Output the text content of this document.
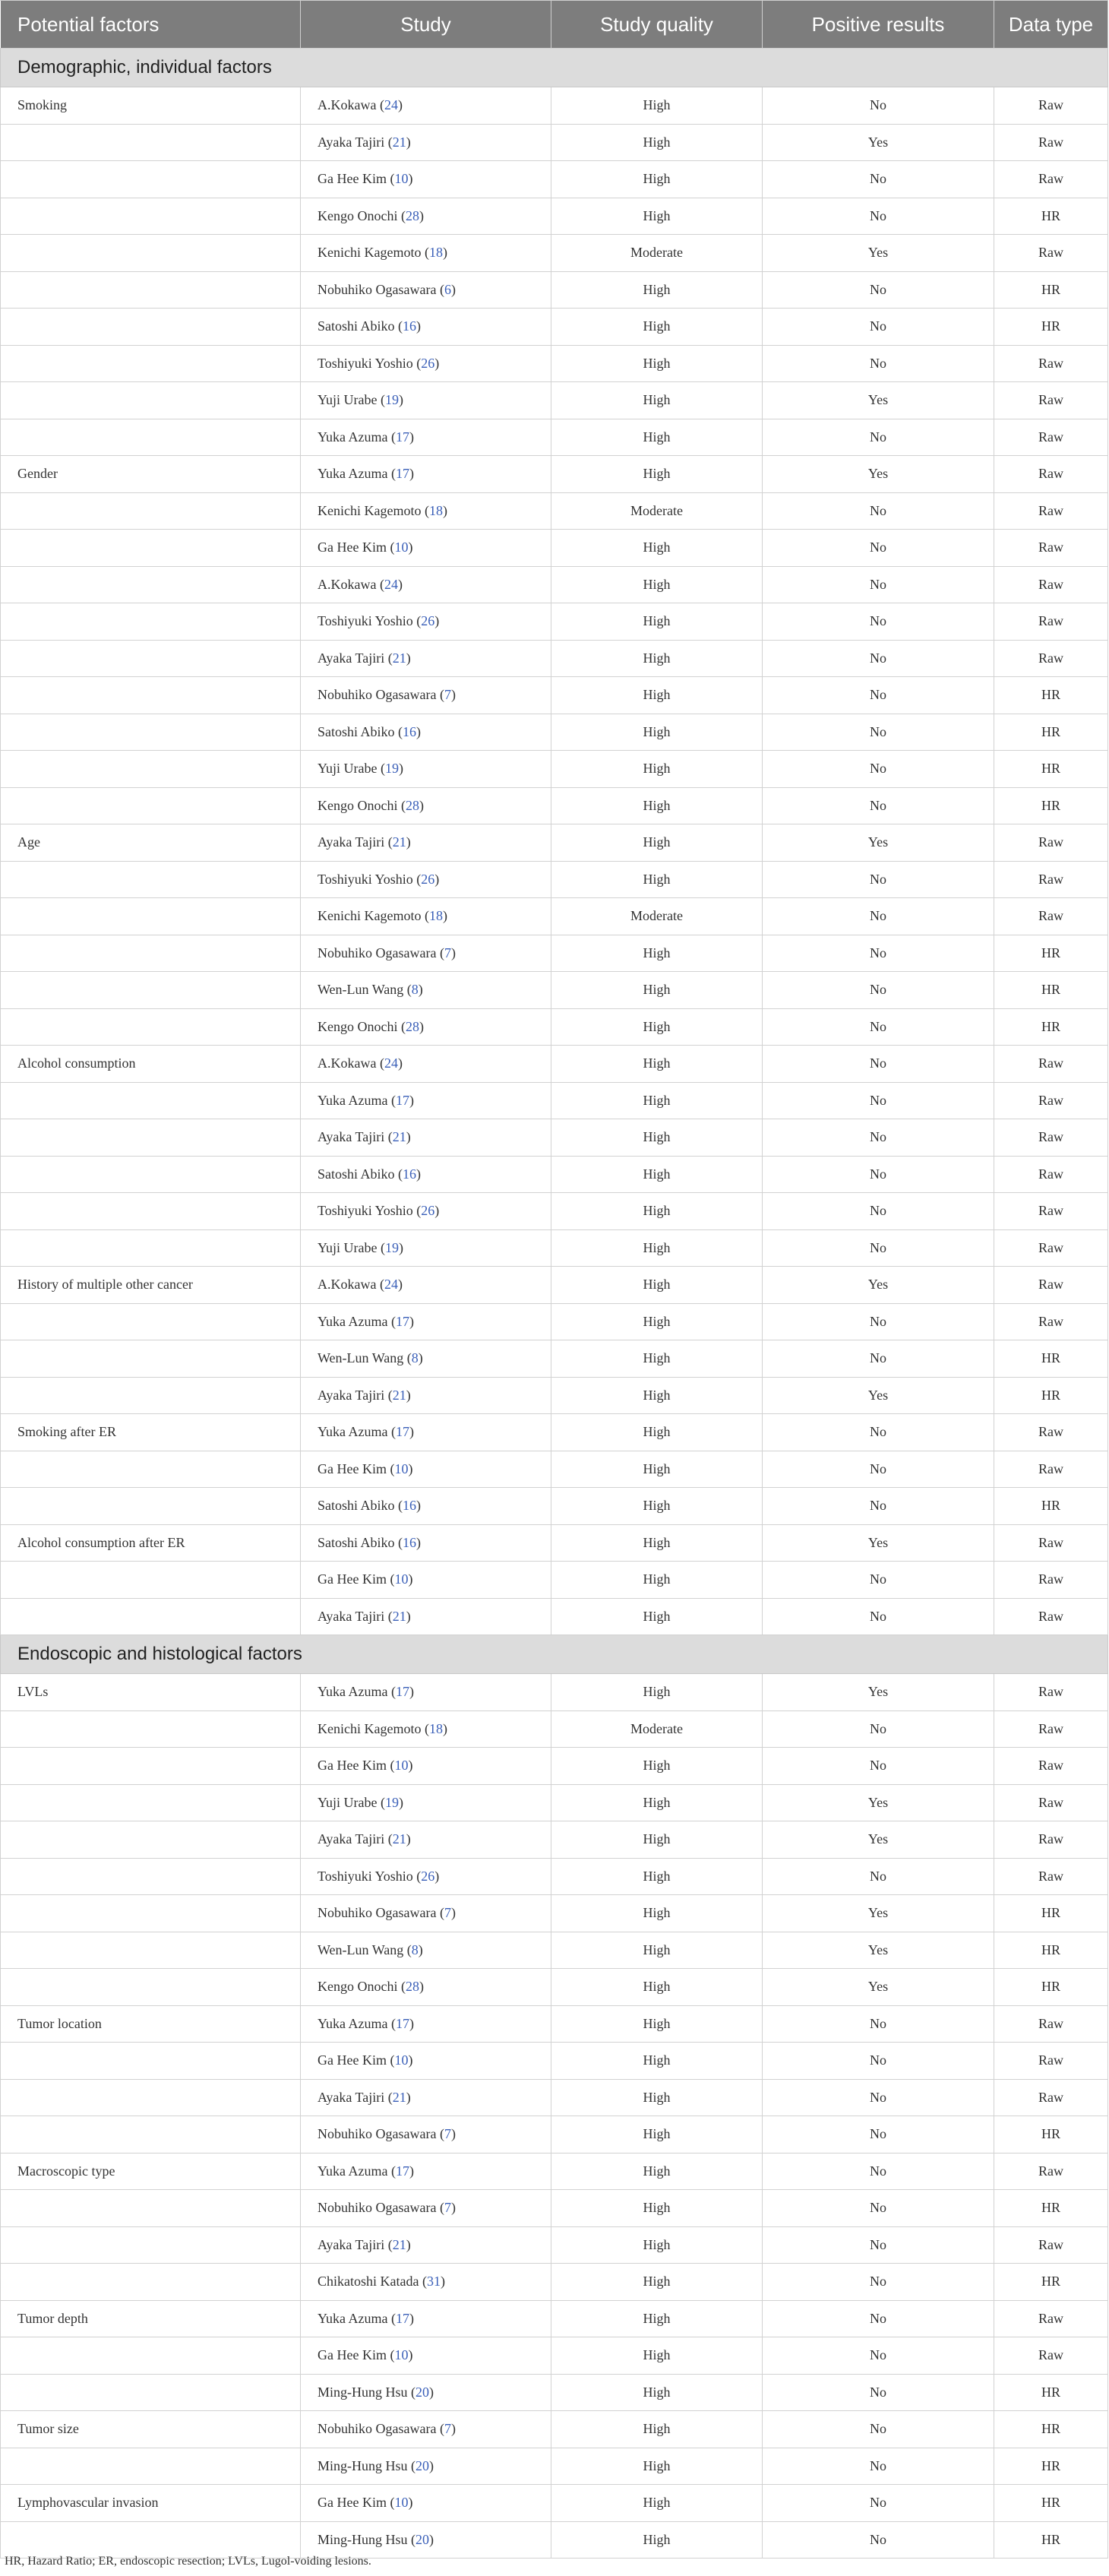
Potential factors	Study	Study quality	Positive results	Data type
Demographic, individual factors				
Smoking	A.Kokawa (24)	High	No	Raw
	Ayaka Tajiri (21)	High	Yes	Raw
	Ga Hee Kim (10)	High	No	Raw
	Kengo Onochi (28)	High	No	HR
	Kenichi Kagemoto (18)	Moderate	Yes	Raw
	Nobuhiko Ogasawara (6)	High	No	HR
	Satoshi Abiko (16)	High	No	HR
	Toshiyuki Yoshio (26)	High	No	Raw
	Yuji Urabe (19)	High	Yes	Raw
	Yuka Azuma (17)	High	No	Raw
Gender	Yuka Azuma (17)	High	Yes	Raw
	Kenichi Kagemoto (18)	Moderate	No	Raw
	Ga Hee Kim (10)	High	No	Raw
	A.Kokawa (24)	High	No	Raw
	Toshiyuki Yoshio (26)	High	No	Raw
	Ayaka Tajiri (21)	High	No	Raw
	Nobuhiko Ogasawara (7)	High	No	HR
	Satoshi Abiko (16)	High	No	HR
	Yuji Urabe (19)	High	No	HR
	Kengo Onochi (28)	High	No	HR
Age	Ayaka Tajiri (21)	High	Yes	Raw
	Toshiyuki Yoshio (26)	High	No	Raw
	Kenichi Kagemoto (18)	Moderate	No	Raw
	Nobuhiko Ogasawara (7)	High	No	HR
	Wen-Lun Wang (8)	High	No	HR
	Kengo Onochi (28)	High	No	HR
Alcohol consumption	A.Kokawa (24)	High	No	Raw
	Yuka Azuma (17)	High	No	Raw
	Ayaka Tajiri (21)	High	No	Raw
	Satoshi Abiko (16)	High	No	Raw
	Toshiyuki Yoshio (26)	High	No	Raw
	Yuji Urabe (19)	High	No	Raw
History of multiple other cancer	A.Kokawa (24)	High	Yes	Raw
	Yuka Azuma (17)	High	No	Raw
	Wen-Lun Wang (8)	High	No	HR
	Ayaka Tajiri (21)	High	Yes	HR
Smoking after ER	Yuka Azuma (17)	High	No	Raw
	Ga Hee Kim (10)	High	No	Raw
	Satoshi Abiko (16)	High	No	HR
Alcohol consumption after ER	Satoshi Abiko (16)	High	Yes	Raw
	Ga Hee Kim (10)	High	No	Raw
	Ayaka Tajiri (21)	High	No	Raw
Endoscopic and histological factors				
LVLs	Yuka Azuma (17)	High	Yes	Raw
	Kenichi Kagemoto (18)	Moderate	No	Raw
	Ga Hee Kim (10)	High	No	Raw
	Yuji Urabe (19)	High	Yes	Raw
	Ayaka Tajiri (21)	High	Yes	Raw
	Toshiyuki Yoshio (26)	High	No	Raw
	Nobuhiko Ogasawara (7)	High	Yes	HR
	Wen-Lun Wang (8)	High	Yes	HR
	Kengo Onochi (28)	High	Yes	HR
Tumor location	Yuka Azuma (17)	High	No	Raw
	Ga Hee Kim (10)	High	No	Raw
	Ayaka Tajiri (21)	High	No	Raw
	Nobuhiko Ogasawara (7)	High	No	HR
Macroscopic type	Yuka Azuma (17)	High	No	Raw
	Nobuhiko Ogasawara (7)	High	No	HR
	Ayaka Tajiri (21)	High	No	Raw
	Chikatoshi Katada (31)	High	No	HR
Tumor depth	Yuka Azuma (17)	High	No	Raw
	Ga Hee Kim (10)	High	No	Raw
	Ming-Hung Hsu (20)	High	No	HR
Tumor size	Nobuhiko Ogasawara (7)	High	No	HR
	Ming-Hung Hsu (20)	High	No	HR
Lymphovascular invasion	Ga Hee Kim (10)	High	No	HR
	Ming-Hung Hsu (20)	High	No	HR
HR, Hazard Ratio; ER, endoscopic resection; LVLs, Lugol-voiding lesions.
